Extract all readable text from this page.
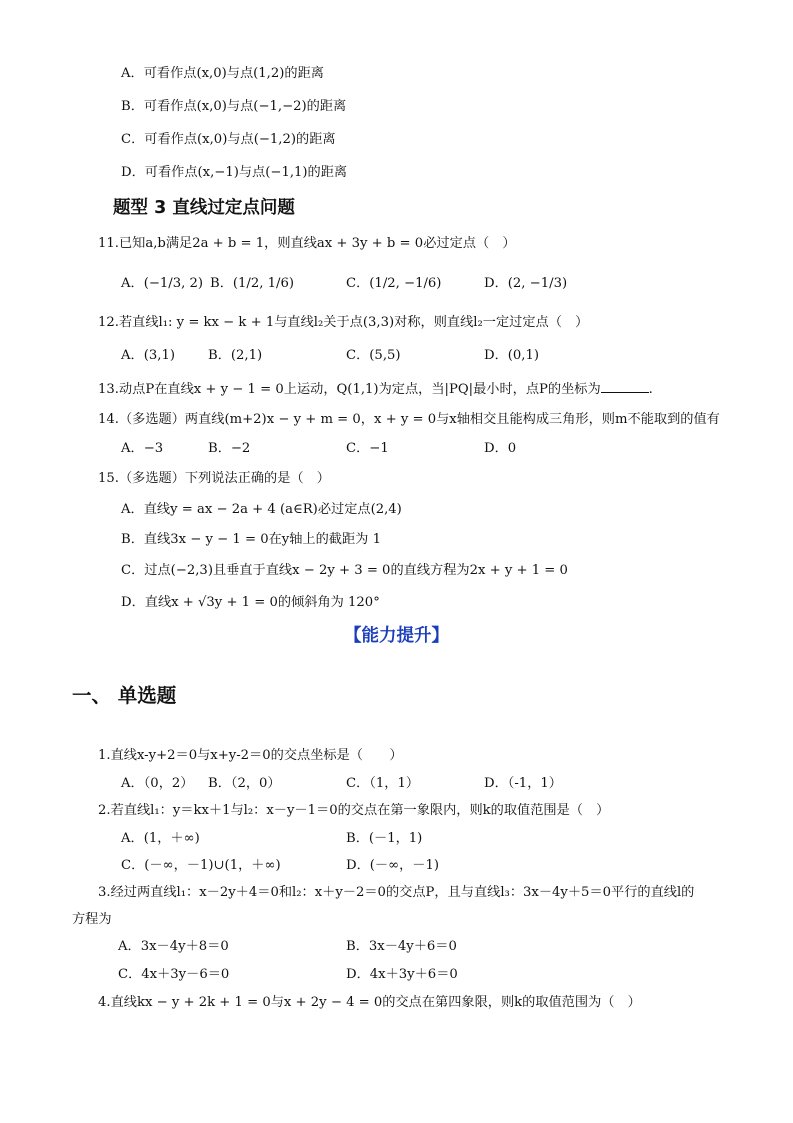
A．可看作点(x,0)与点(1,2)的距离
B．可看作点(x,0)与点(−1,−2)的距离
C．可看作点(x,0)与点(−1,2)的距离
D．可看作点(x,−1)与点(−1,1)的距离
题型 3 直线过定点问题
11.已知a,b满足2a + b = 1，则直线ax + 3y + b = 0必过定点（　）
A．(−1/3, 2) B．(1/2, 1/6)	C．(1/2, −1/6)	D．(2, −1/3)
12.若直线l₁: y = kx − k + 1与直线l₂关于点(3,3)对称，则直线l₂一定过定点（　）
A．(3,1)	B．(2,1)	C．(5,5)	D．(0,1)
13.动点P在直线x + y − 1 = 0上运动，Q(1,1)为定点，当|PQ|最小时，点P的坐标为	.
14.（多选题）两直线(m+2)x − y + m = 0，x + y = 0与x轴相交且能构成三角形，则m不能取到的值有
A．−3	B．−2	C．−1	D．0
15.（多选题）下列说法正确的是（　）
A．直线y = ax − 2a + 4 (a∈R)必过定点(2,4)
B．直线3x − y − 1 = 0在y轴上的截距为 1
C．过点(−2,3)且垂直于直线x − 2y + 3 = 0的直线方程为2x + y + 1 = 0
D．直线x + √3y + 1 = 0的倾斜角为 120°
【能力提升】
一、 单选题
1.直线x-y+2＝0与x+y-2＝0的交点坐标是（　　）
A．（0，2） B．（2，0）	C．（1，1）	D．（-1，1）
2.若直线l₁：y＝kx＋1与l₂：x－y－1＝0的交点在第一象限内，则k的取值范围是（　）
A．(1，＋∞)	B．(－1，1)
C．(－∞，－1)∪(1，＋∞)	D．(－∞，－1)
3.经过两直线l₁：x－2y＋4＝0和l₂：x＋y－2＝0的交点P，且与直线l₃：3x－4y＋5＝0平行的直线l的
方程为
A．3x－4y＋8＝0	B．3x－4y＋6＝0
C．4x＋3y－6＝0	D．4x＋3y＋6＝0
4.直线kx − y + 2k + 1 = 0与x + 2y − 4 = 0的交点在第四象限，则k的取值范围为（　）
